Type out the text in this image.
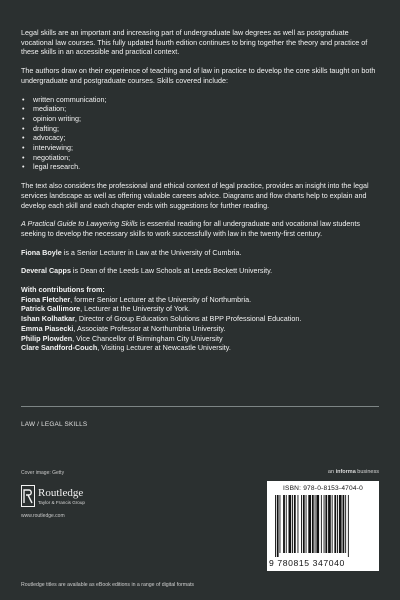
Legal skills are an important and increasing part of undergraduate law degrees as well as postgraduate vocational law courses. This fully updated fourth edition continues to bring together the theory and practice of these skills in an accessible and practical context.

The authors draw on their experience of teaching and of law in practice to develop the core skills taught on both undergraduate and postgraduate courses. Skills covered include:

• written communication;
• mediation;
• opinion writing;
• drafting;
• advocacy;
• interviewing;
• negotiation;
• legal research.

The text also considers the professional and ethical context of legal practice, provides an insight into the legal services landscape as well as offering valuable careers advice. Diagrams and flow charts help to explain and develop each skill and each chapter ends with suggestions for further reading.

A Practical Guide to Lawyering Skills is essential reading for all undergraduate and vocational law students seeking to develop the necessary skills to work successfully with law in the twenty-first century.

Fiona Boyle is a Senior Lecturer in Law at the University of Cumbria.

Deveral Capps is Dean of the Leeds Law Schools at Leeds Beckett University.

With contributions from:
Fiona Fletcher, former Senior Lecturer at the University of Northumbria.
Patrick Gallimore, Lecturer at the University of York.
Ishan Kolhatkar, Director of Group Education Solutions at BPP Professional Education.
Emma Piasecki, Associate Professor at Northumbria University.
Philip Plowden, Vice Chancellor of Birmingham City University
Clare Sandford-Couch, Visiting Lecturer at Newcastle University.
LAW / LEGAL SKILLS
Cover image: Getty	an informa business
Routledge
Taylor & Francis Group
www.routledge.com
ISBN: 978-0-8153-4704-0
9 780815 347040
Routledge titles are available as eBook editions in a range of digital formats
